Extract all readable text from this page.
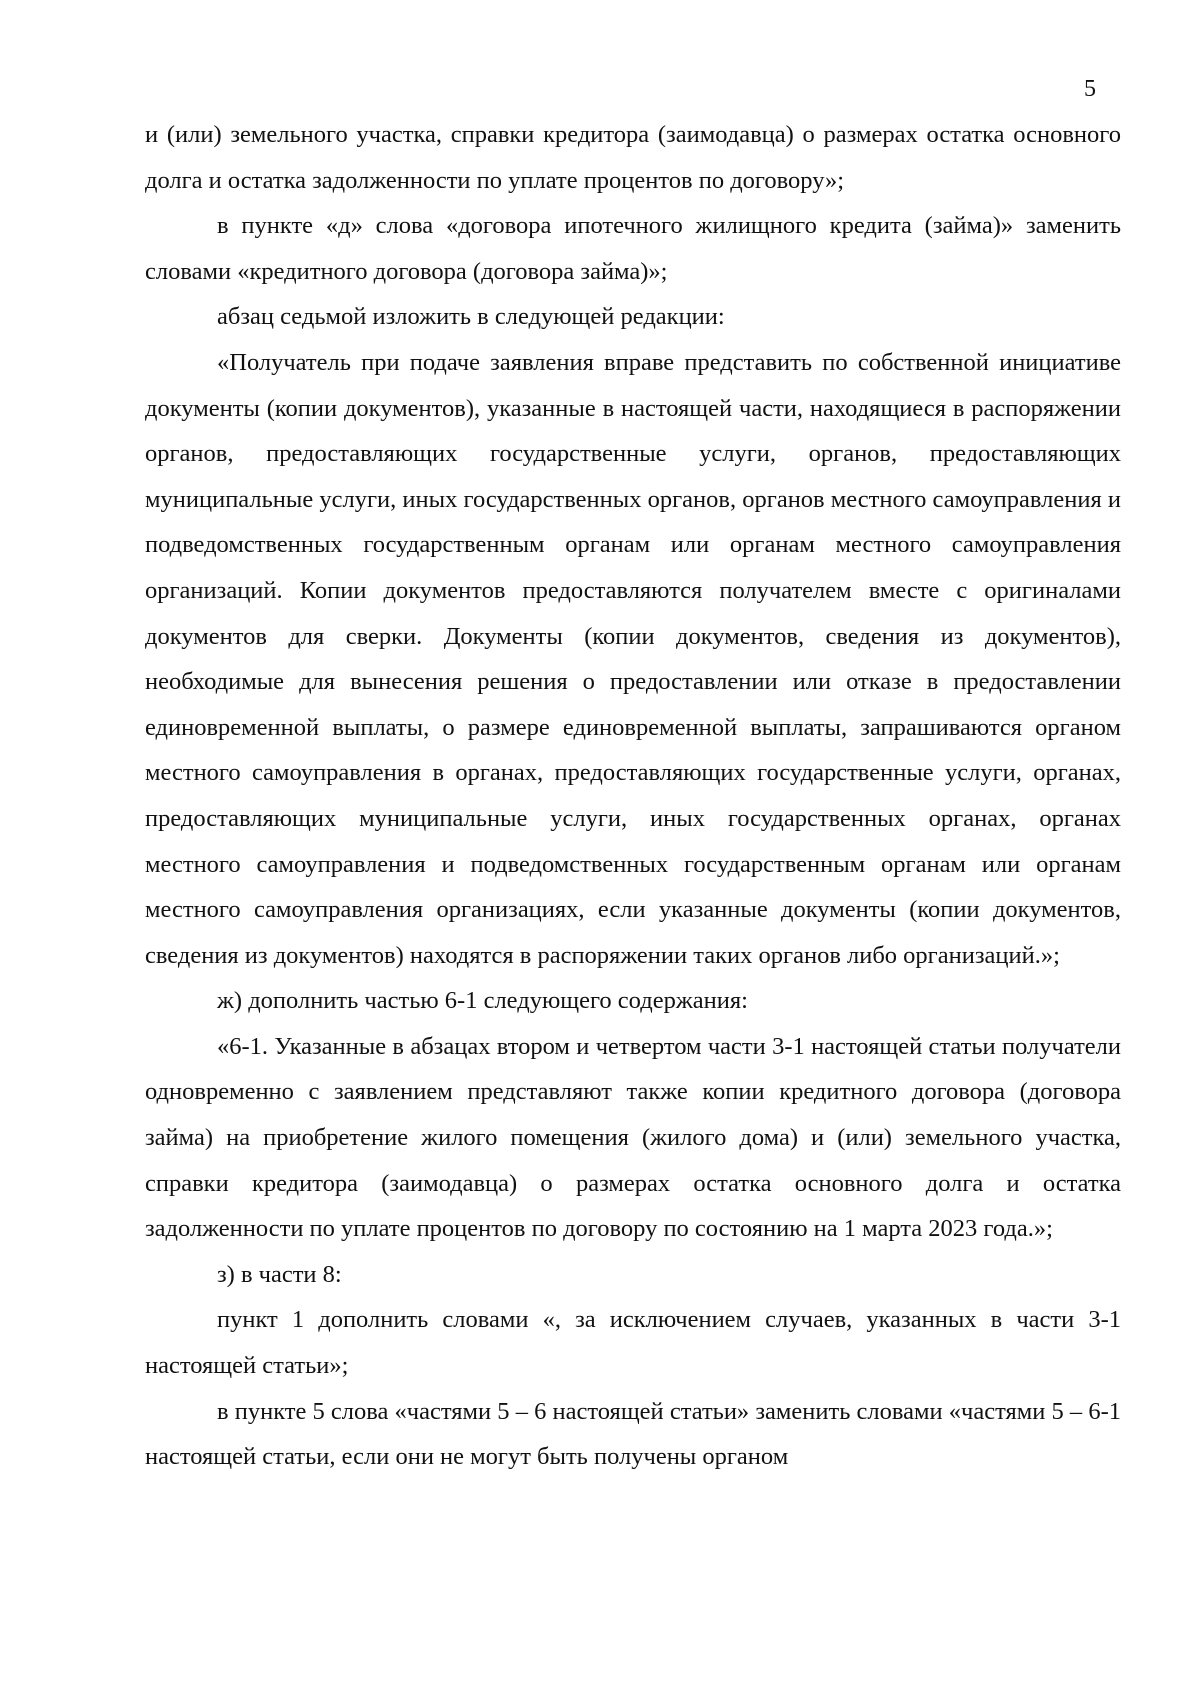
5

и (или) земельного участка, справки кредитора (заимодавца) о размерах остатка основного долга и остатка задолженности по уплате процентов по договору»;

в пункте «д» слова «договора ипотечного жилищного кредита (займа)» заменить словами «кредитного договора (договора займа)»;

абзац седьмой изложить в следующей редакции:

«Получатель при подаче заявления вправе представить по собственной инициативе документы (копии документов), указанные в настоящей части, находящиеся в распоряжении органов, предоставляющих государственные услуги, органов, предоставляющих муниципальные услуги, иных государственных органов, органов местного самоуправления и подведомственных государственным органам или органам местного самоуправления организаций. Копии документов предоставляются получателем вместе с оригиналами документов для сверки. Документы (копии документов, сведения из документов), необходимые для вынесения решения о предоставлении или отказе в предоставлении единовременной выплаты, о размере единовременной выплаты, запрашиваются органом местного самоуправления в органах, предоставляющих государственные услуги, органах, предоставляющих муниципальные услуги, иных государственных органах, органах местного самоуправления и подведомственных государственным органам или органам местного самоуправления организациях, если указанные документы (копии документов, сведения из документов) находятся в распоряжении таких органов либо организаций.»;

ж) дополнить частью 6-1 следующего содержания:

«6-1. Указанные в абзацах втором и четвертом части 3-1 настоящей статьи получатели одновременно с заявлением представляют также копии кредитного договора (договора займа) на приобретение жилого помещения (жилого дома) и (или) земельного участка, справки кредитора (заимодавца) о размерах остатка основного долга и остатка задолженности по уплате процентов по договору по состоянию на 1 марта 2023 года.»;

з) в части 8:

пункт 1 дополнить словами «, за исключением случаев, указанных в части 3-1 настоящей статьи»;

в пункте 5 слова «частями 5 – 6 настоящей статьи» заменить словами «частями 5 – 6-1 настоящей статьи, если они не могут быть получены органом
